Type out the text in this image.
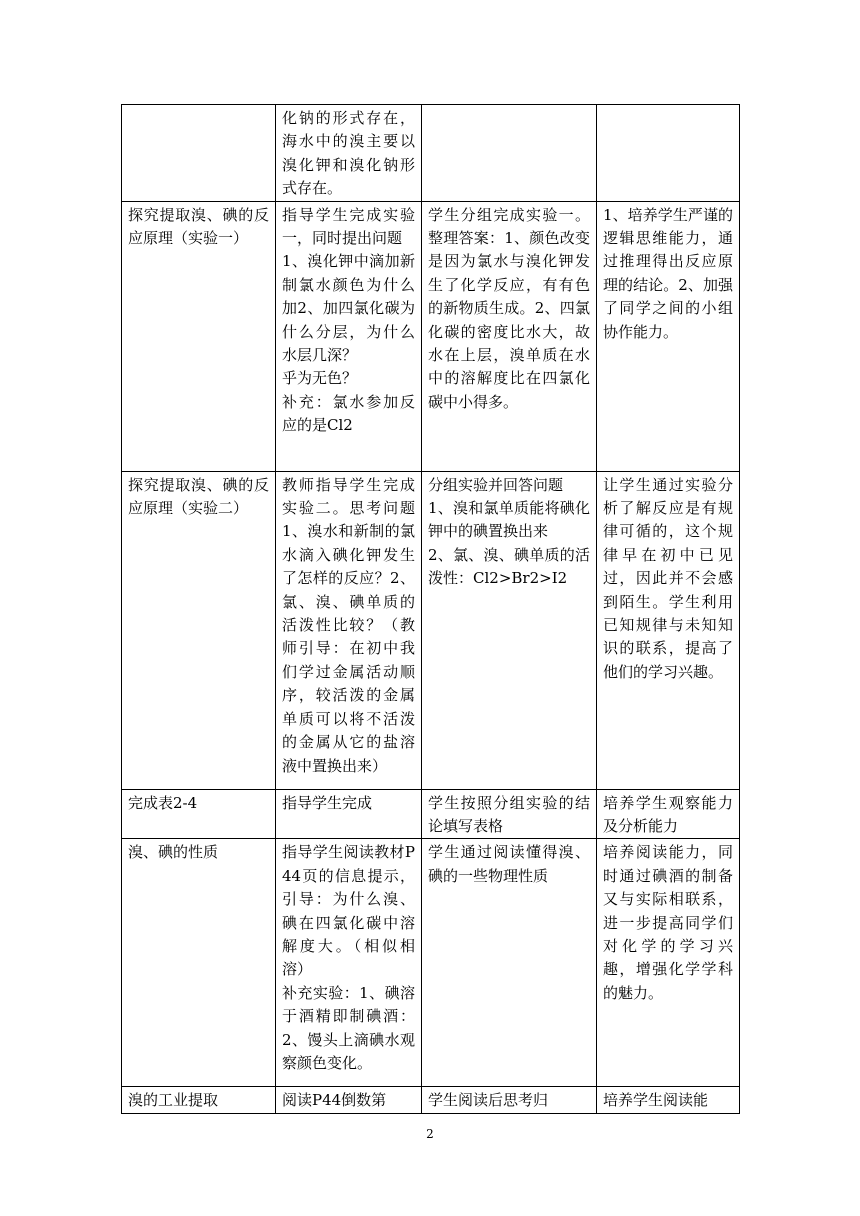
	化钠的形式存在，海水中的溴主要以溴化钾和溴化钠形式存在。		

探究提取溴、碘的反应原理（实验一）	指导学生完成实验一，同时提出问题
1、溴化钾中滴加新制氯水颜色为什么加2、加四氯化碳为什么分层，为什么水层几深？
乎为无色？
补充：氯水参加反应的是Cl2	学生分组完成实验一。整理答案：1、颜色改变是因为氯水与溴化钾发生了化学反应，有有色的新物质生成。2、四氯化碳的密度比水大，故水在上层，溴单质在水中的溶解度比在四氯化碳中小得多。	1、培养学生严谨的逻辑思维能力，通过推理得出反应原理的结论。2、加强了同学之间的小组协作能力。

探究提取溴、碘的反应原理（实验二）	教师指导学生完成实验二。思考问题1、溴水和新制的氯水滴入碘化钾发生了怎样的反应？2、氯、溴、碘单质的活泼性比较？（教师引导：在初中我们学过金属活动顺序，较活泼的金属单质可以将不活泼的金属从它的盐溶液中置换出来）	分组实验并回答问题
1、溴和氯单质能将碘化钾中的碘置换出来
2、氯、溴、碘单质的活泼性：Cl2>Br2>I2	让学生通过实验分析了解反应是有规律可循的，这个规律早在初中已见过，因此并不会感到陌生。学生利用已知规律与未知知识的联系，提高了他们的学习兴趣。

完成表2-4	指导学生完成	学生按照分组实验的结论填写表格	培养学生观察能力及分析能力

溴、碘的性质	指导学生阅读教材P44页的信息提示，引导：为什么溴、碘在四氯化碳中溶解度大。（相似相溶）
补充实验：1、碘溶于酒精即制碘酒：2、馒头上滴碘水观察颜色变化。	学生通过阅读懂得溴、碘的一些物理性质	培养阅读能力，同时通过碘酒的制备又与实际相联系，进一步提高同学们对化学的学习兴趣，增强化学学科的魅力。

溴的工业提取	阅读P44倒数第	学生阅读后思考归	培养学生阅读能
2
